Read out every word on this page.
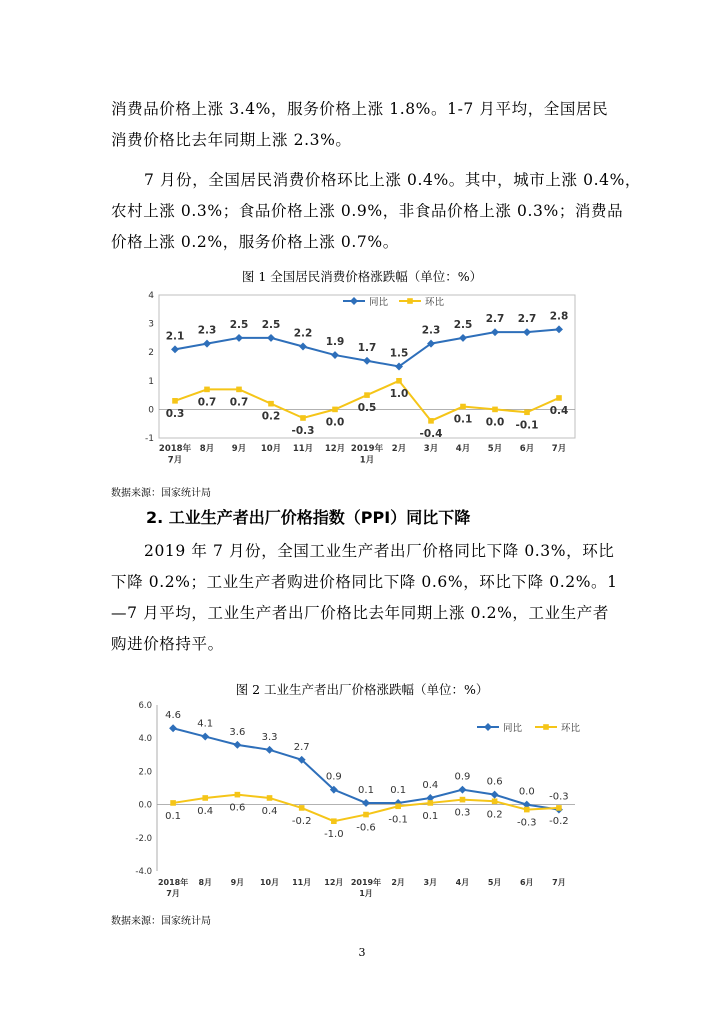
消费品价格上涨 3.4%，服务价格上涨 1.8%。1-7 月平均，全国居民
消费价格比去年同期上涨 2.3%。
7 月份，全国居民消费价格环比上涨 0.4%。其中，城市上涨 0.4%，
农村上涨 0.3%；食品价格上涨 0.9%，非食品价格上涨 0.3%；消费品
价格上涨 0.2%，服务价格上涨 0.7%。
图 1 全国居民消费价格涨跌幅（单位：%）
4
3
2
1
0
-1
2018年 7月
8月 9月 10月 11月 12月 2019年 1月
2月 3月 4月 5月 6月 7月
2.1 2.3 2.5 2.5
2.2
1.9 1.7 1.5
2.3 2.5 2.7 2.7 2.8
0.3
0.7 0.7
0.2
-0.3
0.0
0.5
1.0
-0.4
0.1 0.0 -0.1
0.4
同比	环比
数据来源：国家统计局
2. 工业生产者出厂价格指数（PPI）同比下降
2019 年 7 月份，全国工业生产者出厂价格同比下降 0.3%，环比
下降 0.2%；工业生产者购进价格同比下降 0.6%，环比下降 0.2%。1
—7 月平均，工业生产者出厂价格比去年同期上涨 0.2%，工业生产者
购进价格持平。
图 2 工业生产者出厂价格涨跌幅（单位：%）
6.0
4.0
2.0
0.0
-2.0
-4.0
2018年 7月
8月 9月 10月 11月 12月 2019年 1月
2月 3月 4月 5月 6月 7月
4.6
4.1
3.6 3.3
2.7
0.9
0.1 0.1 0.4
0.9 0.6
0.0 -0.3
0.1 0.4 0.6 0.4
-0.2
-1.0
-0.6
-0.1 0.1 0.3 0.2
-0.3 -0.2
同比	环比
数据来源：国家统计局
3
